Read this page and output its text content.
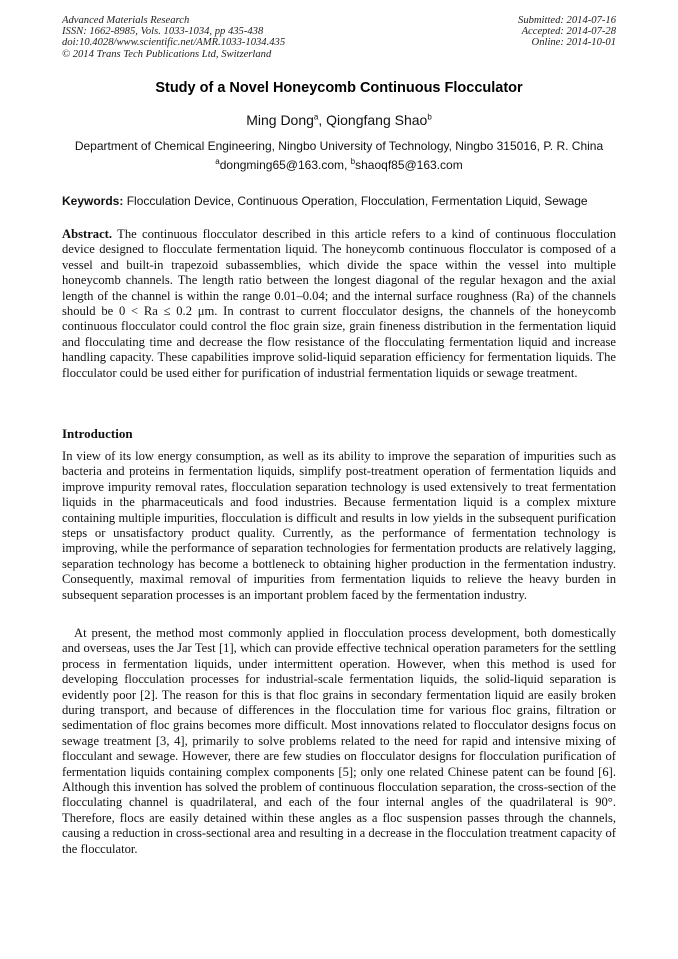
Advanced Materials Research
ISSN: 1662-8985, Vols. 1033-1034, pp 435-438
doi:10.4028/www.scientific.net/AMR.1033-1034.435
© 2014 Trans Tech Publications Ltd, Switzerland
Submitted: 2014-07-16
Accepted: 2014-07-28
Online: 2014-10-01
Study of a Novel Honeycomb Continuous Flocculator
Ming Dong$^a$, Qiongfang Shao$^b$
Department of Chemical Engineering, Ningbo University of Technology, Ningbo 315016, P. R. China
$^a$dongming65@163.com, $^b$shaoqf85@163.com
Keywords: Flocculation Device, Continuous Operation, Flocculation, Fermentation Liquid, Sewage
Abstract. The continuous flocculator described in this article refers to a kind of continuous flocculation device designed to flocculate fermentation liquid. The honeycomb continuous flocculator is composed of a vessel and built-in trapezoid subassemblies, which divide the space within the vessel into multiple honeycomb channels. The length ratio between the longest diagonal of the regular hexagon and the axial length of the channel is within the range 0.01–0.04; and the internal surface roughness (Ra) of the channels should be 0 < Ra ≤ 0.2 μm. In contrast to current flocculator designs, the channels of the honeycomb continuous flocculator could control the floc grain size, grain fineness distribution in the fermentation liquid and flocculating time and decrease the flow resistance of the flocculating fermentation liquid and increase handling capacity. These capabilities improve solid-liquid separation efficiency for fermentation liquids. The flocculator could be used either for purification of industrial fermentation liquids or sewage treatment.
Introduction

In view of its low energy consumption, as well as its ability to improve the separation of impurities such as bacteria and proteins in fermentation liquids, simplify post-treatment operation of fermentation liquids and improve impurity removal rates, flocculation separation technology is used extensively to treat fermentation liquids in the pharmaceuticals and food industries. Because fermentation liquid is a complex mixture containing multiple impurities, flocculation is difficult and results in low yields in the subsequent purification steps or unsatisfactory product quality. Currently, as the performance of fermentation technology is improving, while the performance of separation technologies for fermentation products are relatively lagging, separation technology has become a bottleneck to obtaining higher production in the fermentation industry. Consequently, maximal removal of impurities from fermentation liquids to relieve the heavy burden in subsequent separation processes is an important problem faced by the fermentation industry.

At present, the method most commonly applied in flocculation process development, both domestically and overseas, uses the Jar Test [1], which can provide effective technical operation parameters for the settling process in fermentation liquids, under intermittent operation. However, when this method is used for developing flocculation processes for industrial-scale fermentation liquids, the solid-liquid separation is evidently poor [2]. The reason for this is that floc grains in secondary fermentation liquid are easily broken during transport, and because of differences in the flocculation time for various floc grains, filtration or sedimentation of floc grains becomes more difficult. Most innovations related to flocculator designs focus on sewage treatment [3, 4], primarily to solve problems related to the need for rapid and intensive mixing of flocculant and sewage. However, there are few studies on flocculator designs for flocculation purification of fermentation liquids containing complex components [5]; only one related Chinese patent can be found [6]. Although this invention has solved the problem of continuous flocculation separation, the cross-section of the flocculating channel is quadrilateral, and each of the four internal angles of the quadrilateral is 90°. Therefore, flocs are easily detained within these angles as a floc suspension passes through the channels, causing a reduction in cross-sectional area and resulting in a decrease in the flocculation treatment capacity of the flocculator.
